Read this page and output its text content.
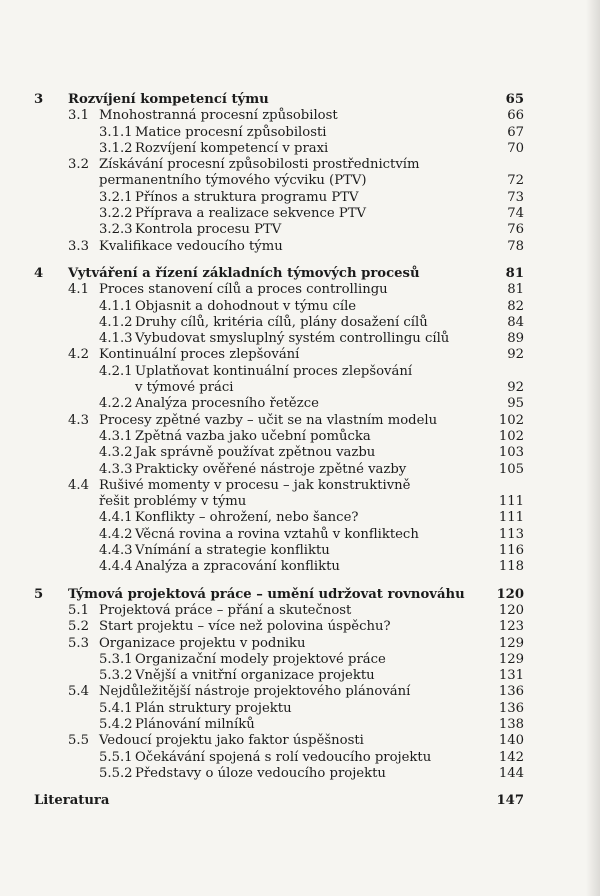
3 Rozvíjení kompetencí týmu	65
3.1 Mnohostranná procesní způsobilost	66
3.1.1 Matice procesní způsobilosti	67
3.1.2 Rozvíjení kompetencí v praxi	70
3.2 Získávání procesní způsobilosti prostřednictvím
permanentního týmového výcviku (PTV)	72
3.2.1 Přínos a struktura programu PTV	73
3.2.2 Příprava a realizace sekvence PTV	74
3.2.3 Kontrola procesu PTV	76
3.3 Kvalifikace vedoucího týmu	78
4 Vytváření a řízení základních týmových procesů	81
4.1 Proces stanovení cílů a proces controllingu	81
4.1.1 Objasnit a dohodnout v týmu cíle	82
4.1.2 Druhy cílů, kritéria cílů, plány dosažení cílů	84
4.1.3 Vybudovat smysluplný systém controllingu cílů	89
4.2 Kontinuální proces zlepšování	92
4.2.1 Uplatňovat kontinuální proces zlepšování
v týmové práci	92
4.2.2 Analýza procesního řetězce	95
4.3 Procesy zpětné vazby – učit se na vlastním modelu	102
4.3.1 Zpětná vazba jako učební pomůcka	102
4.3.2 Jak správně používat zpětnou vazbu	103
4.3.3 Prakticky ověřené nástroje zpětné vazby	105
4.4 Rušivé momenty v procesu – jak konstruktivně
řešit problémy v týmu	111
4.4.1 Konflikty – ohrožení, nebo šance?	111
4.4.2 Věcná rovina a rovina vztahů v konfliktech	113
4.4.3 Vnímání a strategie konfliktu	116
4.4.4 Analýza a zpracování konfliktu	118
5 Týmová projektová práce – umění udržovat rovnováhu	120
5.1 Projektová práce – přání a skutečnost	120
5.2 Start projektu – více než polovina úspěchu?	123
5.3 Organizace projektu v podniku	129
5.3.1 Organizační modely projektové práce	129
5.3.2 Vnější a vnitřní organizace projektu	131
5.4 Nejdůležitější nástroje projektového plánování	136
5.4.1 Plán struktury projektu	136
5.4.2 Plánování milníků	138
5.5 Vedoucí projektu jako faktor úspěšnosti	140
5.5.1 Očekávání spojená s rolí vedoucího projektu	142
5.5.2 Představy o úloze vedoucího projektu	144
Literatura	147
